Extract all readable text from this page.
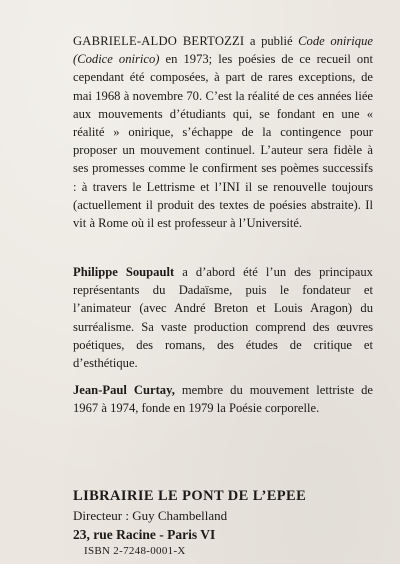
GABRIELE-ALDO BERTOZZI a publié Code onirique (Codice onirico) en 1973; les poésies de ce recueil ont cependant été composées, à part de rares exceptions, de mai 1968 à novembre 70. C’est la réalité de ces années liée aux mouvements d’étudiants qui, se fondant en une « réalité » onirique, s’échappe de la contingence pour proposer un mouvement continuel. L’auteur sera fidèle à ses promesses comme le confirment ses poèmes successifs : à travers le Lettrisme et l’INI il se renouvelle toujours (actuellement il produit des textes de poésies abstraite). Il vit à Rome où il est professeur à l’Université.

Philippe Soupault a d’abord été l’un des principaux représentants du Dadaïsme, puis le fondateur et l’animateur (avec André Breton et Louis Aragon) du surréalisme. Sa vaste production comprend des œuvres poétiques, des romans, des études de critique et d’esthétique.

Jean-Paul Curtay, membre du mouvement lettriste de 1967 à 1974, fonde en 1979 la Poésie corporelle.

LIBRAIRIE LE PONT DE L’EPEE

Directeur : Guy Chambelland

23, rue Racine - Paris VI

ISBN 2-7248-0001-X
